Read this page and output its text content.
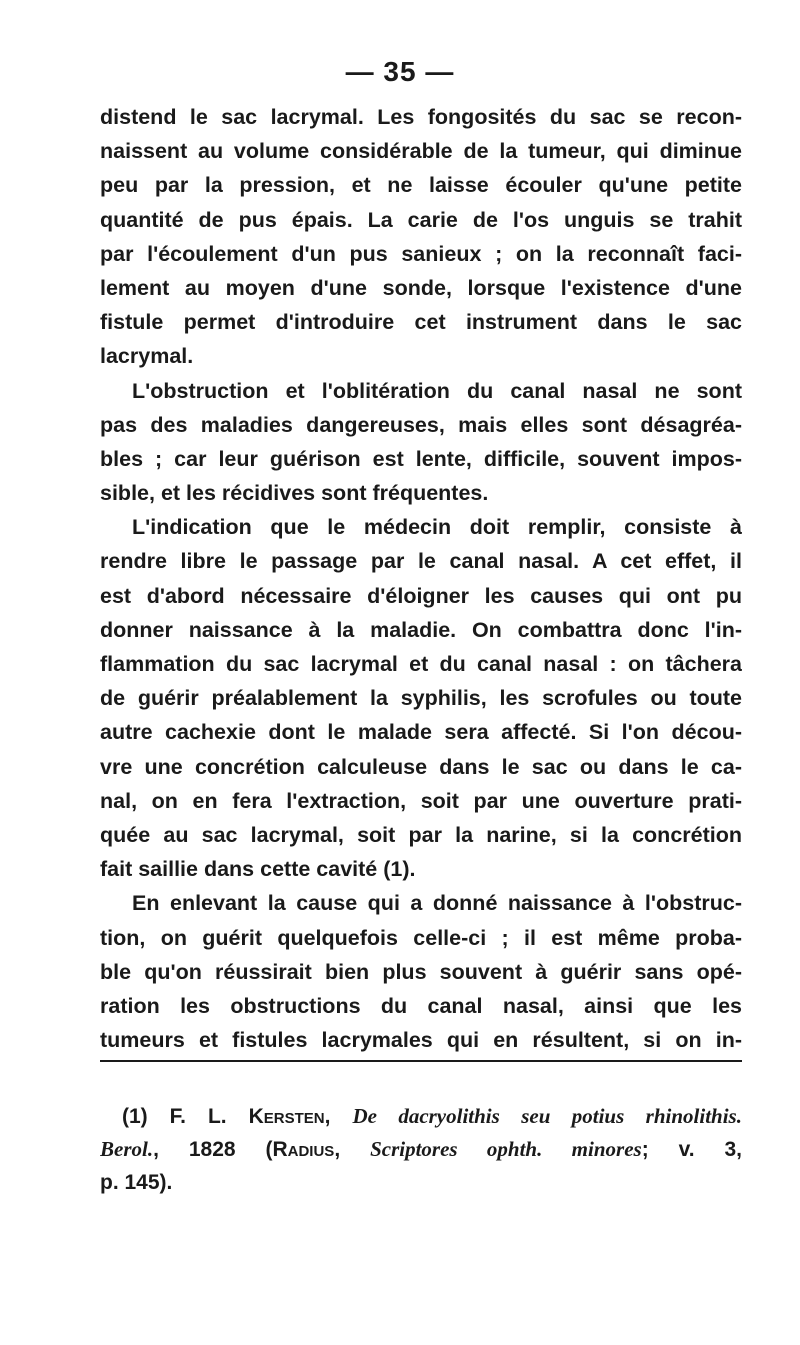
— 35 —
distend le sac lacrymal. Les fongosités du sac se recon-
naissent au volume considérable de la tumeur, qui diminue
peu par la pression, et ne laisse écouler qu'une petite
quantité de pus épais. La carie de l'os unguis se trahit
par l'écoulement d'un pus sanieux ; on la reconnaît faci-
lement au moyen d'une sonde, lorsque l'existence d'une
fistule permet d'introduire cet instrument dans le sac
lacrymal.
L'obstruction et l'oblitération du canal nasal ne sont
pas des maladies dangereuses, mais elles sont désagréa-
bles ; car leur guérison est lente, difficile, souvent impos-
sible, et les récidives sont fréquentes.
L'indication que le médecin doit remplir, consiste à
rendre libre le passage par le canal nasal. A cet effet, il
est d'abord nécessaire d'éloigner les causes qui ont pu
donner naissance à la maladie. On combattra donc l'in-
flammation du sac lacrymal et du canal nasal : on tâchera
de guérir préalablement la syphilis, les scrofules ou toute
autre cachexie dont le malade sera affecté. Si l'on décou-
vre une concrétion calculeuse dans le sac ou dans le ca-
nal, on en fera l'extraction, soit par une ouverture prati-
quée au sac lacrymal, soit par la narine, si la concrétion
fait saillie dans cette cavité (1).
En enlevant la cause qui a donné naissance à l'obstruc-
tion, on guérit quelquefois celle-ci ; il est même proba-
ble qu'on réussirait bien plus souvent à guérir sans opé-
ration les obstructions du canal nasal, ainsi que les
tumeurs et fistules lacrymales qui en résultent, si on in-
(1) F. L. Kersten, De dacryolithis seu potius rhinolithis.
Berol., 1828 (Radius, Scriptores ophth. minores; v. 3,
p. 145).
